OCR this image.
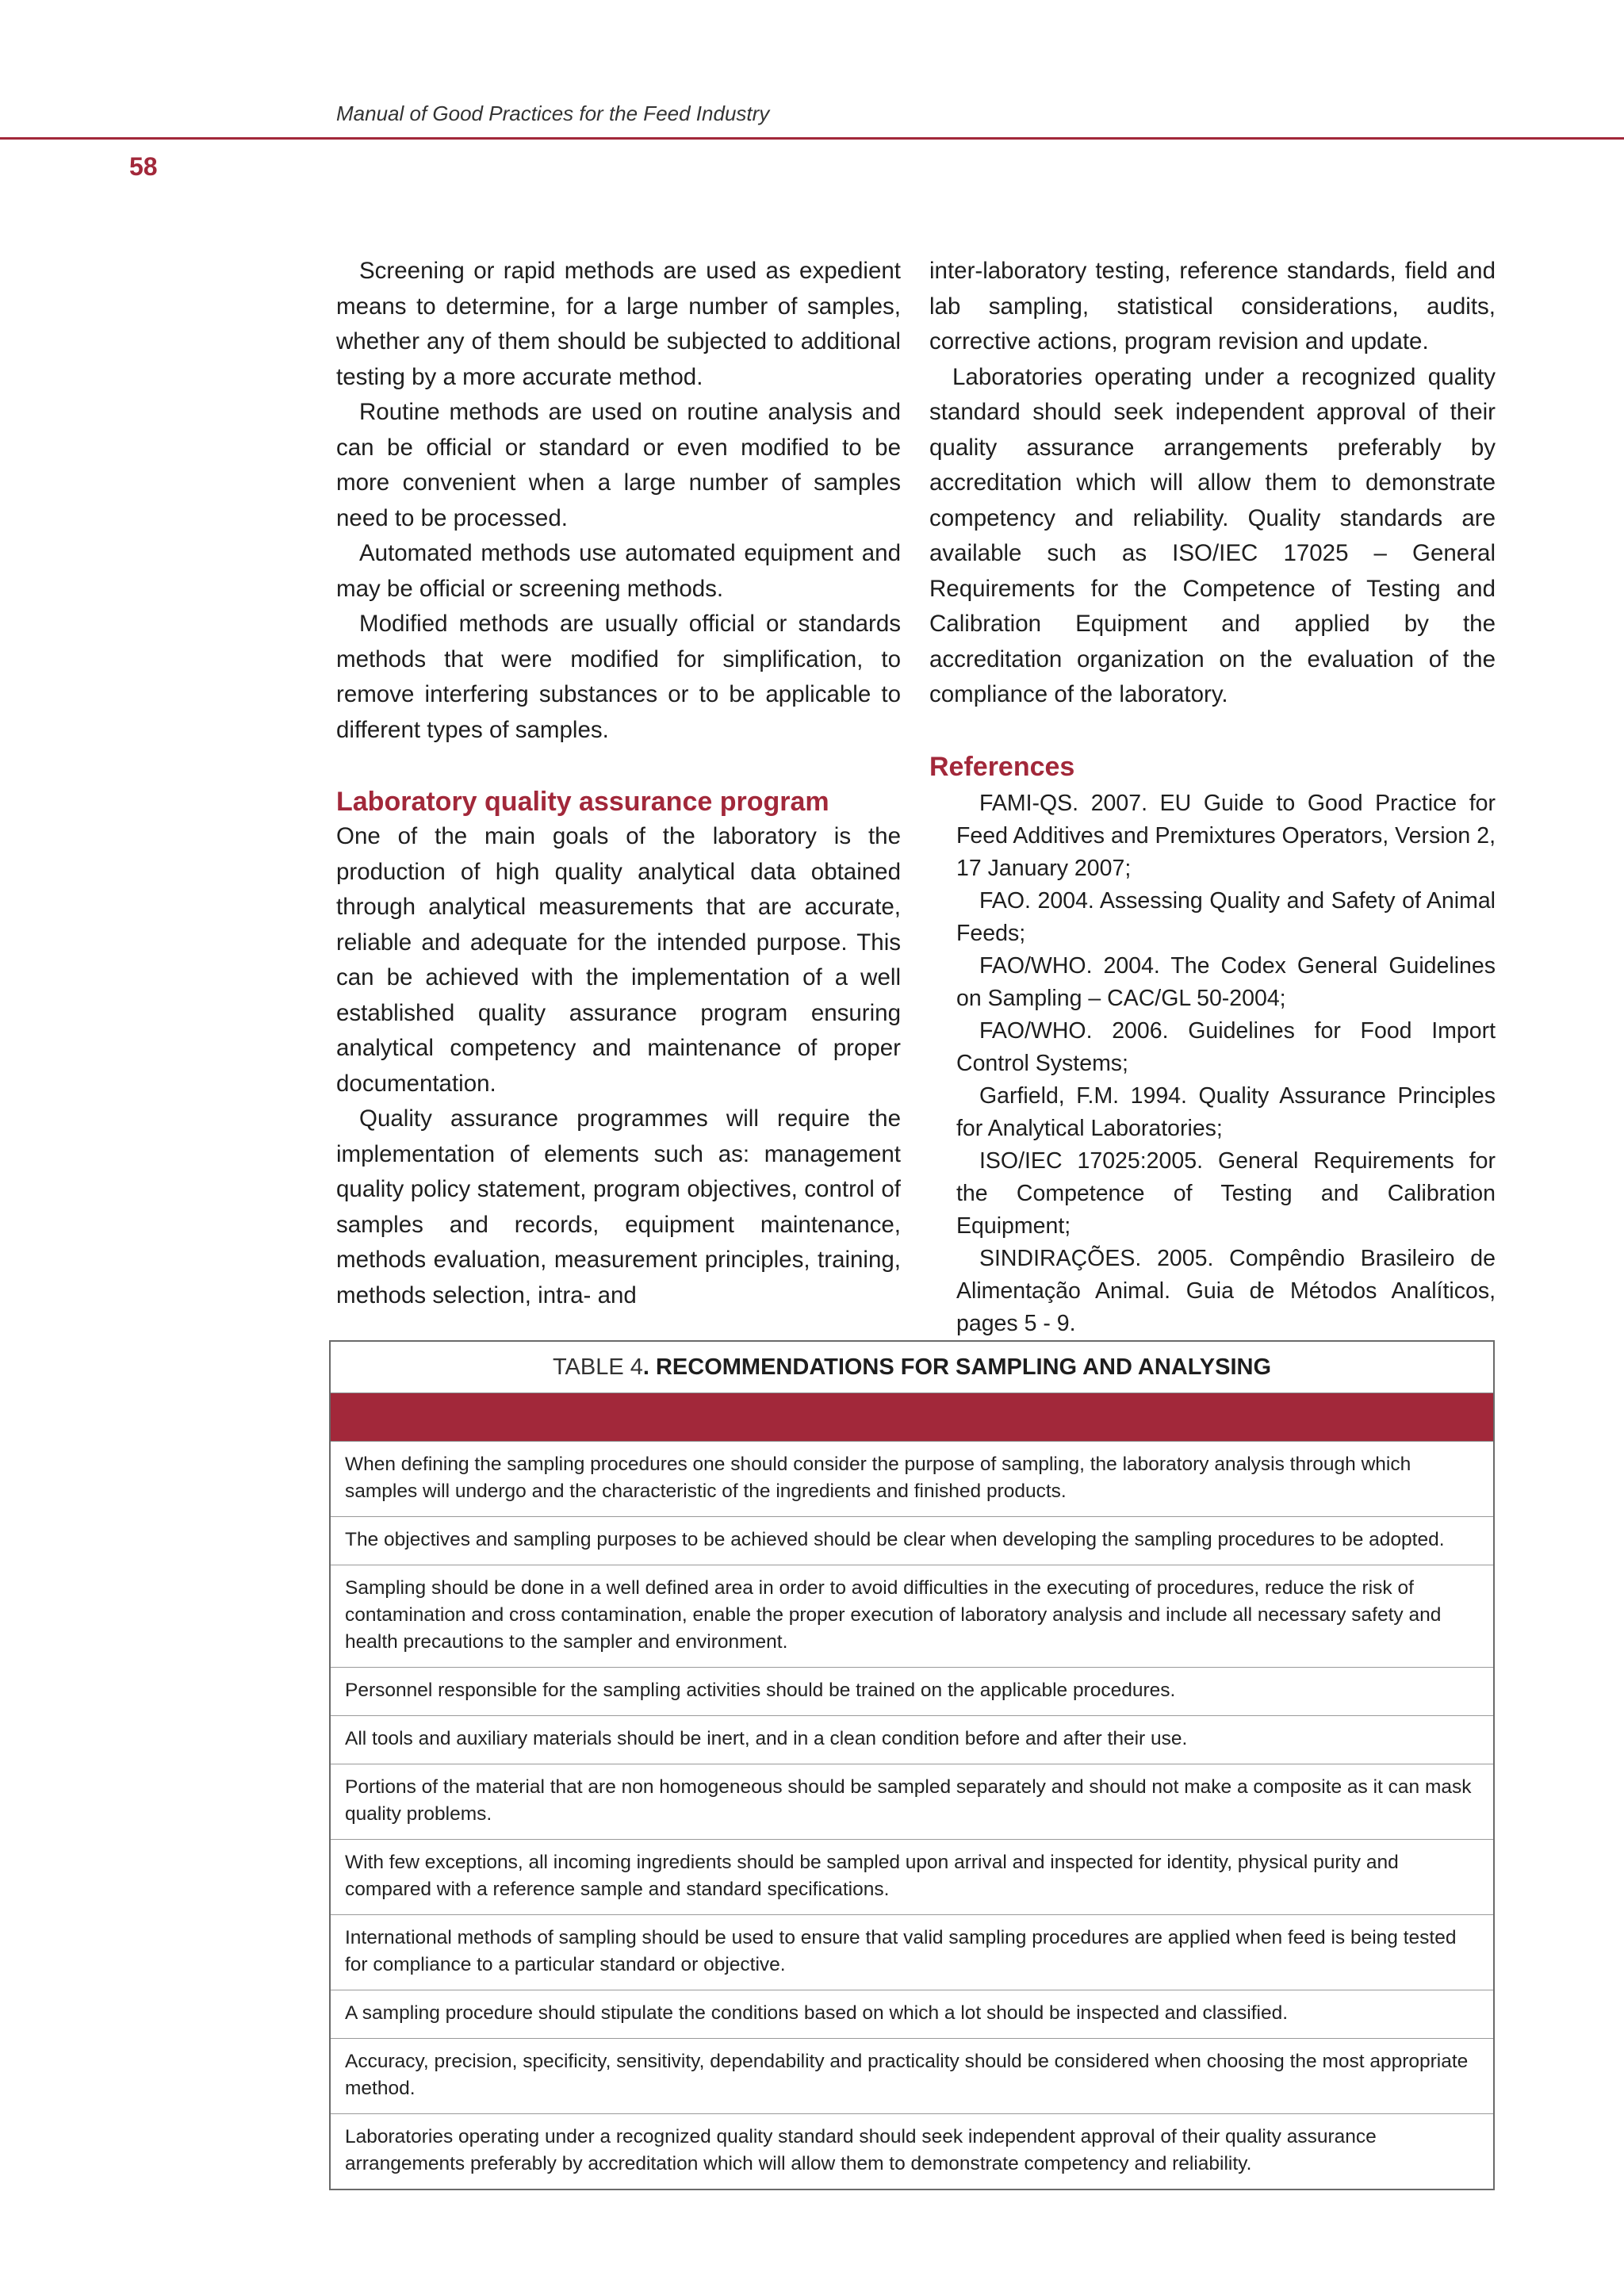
Manual of Good Practices for the Feed Industry
58

Screening or rapid methods are used as expedient means to determine, for a large number of samples, whether any of them should be subjected to additional testing by a more accurate method.

Routine methods are used on routine analysis and can be official or standard or even modified to be more convenient when a large number of samples need to be processed.

Automated methods use automated equipment and may be official or screening methods.

Modified methods are usually official or standards methods that were modified for simplification, to remove interfering substances or to be applicable to different types of samples.

Laboratory quality assurance program

One of the main goals of the laboratory is the production of high quality analytical data obtained through analytical measurements that are accurate, reliable and adequate for the intended purpose. This can be achieved with the implementation of a well established quality assurance program ensuring analytical competency and maintenance of proper documentation.

Quality assurance programmes will require the implementation of elements such as: management quality policy statement, program objectives, control of samples and records, equipment maintenance, methods evaluation, measurement principles, training, methods selection, intra- and

inter-laboratory testing, reference standards, field and lab sampling, statistical considerations, audits, corrective actions, program revision and update.

Laboratories operating under a recognized quality standard should seek independent approval of their quality assurance arrangements preferably by accreditation which will allow them to demonstrate competency and reliability. Quality standards are available such as ISO/IEC 17025 – General Requirements for the Competence of Testing and Calibration Equipment and applied by the accreditation organization on the evaluation of the compliance of the laboratory.

References

FAMI-QS. 2007. EU Guide to Good Practice for Feed Additives and Premixtures Operators, Version 2, 17 January 2007;

FAO. 2004. Assessing Quality and Safety of Animal Feeds;

FAO/WHO. 2004. The Codex General Guidelines on Sampling – CAC/GL 50-2004;

FAO/WHO. 2006. Guidelines for Food Import Control Systems;

Garfield, F.M. 1994. Quality Assurance Principles for Analytical Laboratories;

ISO/IEC 17025:2005. General Requirements for the Competence of Testing and Calibration Equipment;

SINDIRAÇÕES. 2005. Compêndio Brasileiro de Alimentação Animal. Guia de Métodos Analíticos, pages 5 - 9.

TABLE 4. RECOMMENDATIONS FOR SAMPLING AND ANALYSING
When defining the sampling procedures one should consider the purpose of sampling, the laboratory analysis through which samples will undergo and the characteristic of the ingredients and finished products.
The objectives and sampling purposes to be achieved should be clear when developing the sampling procedures to be adopted.
Sampling should be done in a well defined area in order to avoid difficulties in the executing of procedures, reduce the risk of contamination and cross contamination, enable the proper execution of laboratory analysis and include all necessary safety and health precautions to the sampler and environment.
Personnel responsible for the sampling activities should be trained on the applicable procedures.
All tools and auxiliary materials should be inert, and in a clean condition before and after their use.
Portions of the material that are non homogeneous should be sampled separately and should not make a composite as it can mask quality problems.
With few exceptions, all incoming ingredients should be sampled upon arrival and inspected for identity, physical purity and compared with a reference sample and standard specifications.
International methods of sampling should be used to ensure that valid sampling procedures are applied when feed is being tested for compliance to a particular standard or objective.
A sampling procedure should stipulate the conditions based on which a lot should be inspected and classified.
Accuracy, precision, specificity, sensitivity, dependability and practicality should be considered when choosing the most appropriate method.
Laboratories operating under a recognized quality standard should seek independent approval of their quality assurance arrangements preferably by accreditation which will allow them to demonstrate competency and reliability.
